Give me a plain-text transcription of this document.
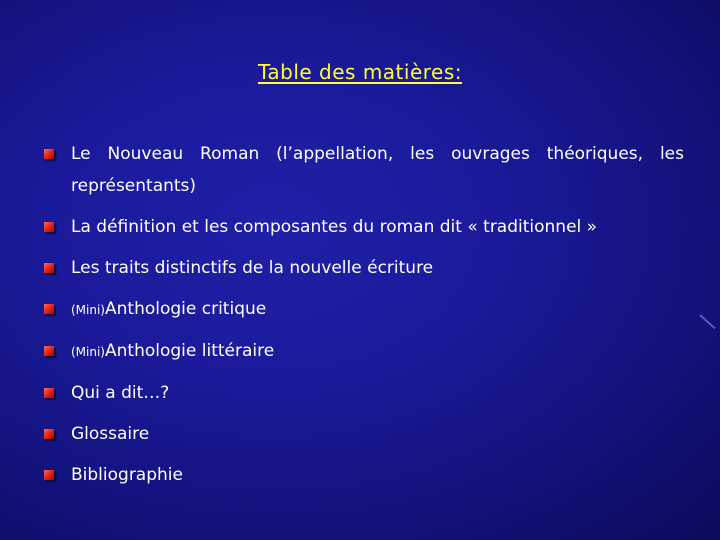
Table des matières:
Le Nouveau Roman (l’appellation, les ouvrages théoriques, les représentants)
La définition et les composantes du roman dit « traditionnel »
Les traits distinctifs de la nouvelle écriture
(Mini)Anthologie critique
(Mini)Anthologie littéraire
Qui a dit…?
Glossaire
Bibliographie
